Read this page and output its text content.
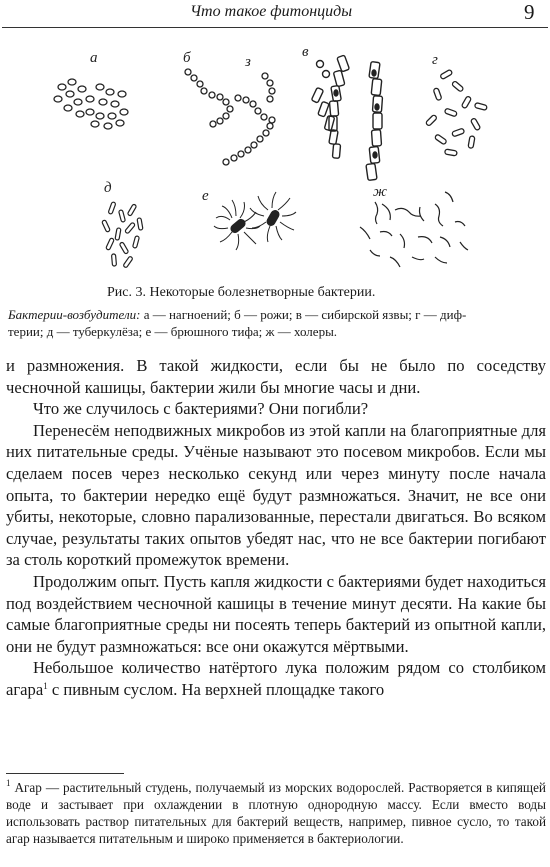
Что такое фитонциды	9
а	б	з
в	г
д	е	ж
Рис. 3. Некоторые болезнетворные бактерии.
Бактерии-возбудители: а — нагноений; б — рожи; в — сибирской язвы; г — диф-
терии; д — туберкулёза; е — брюшного тифа; ж — холеры.

и размножения. В такой жидкости, если бы не было по соседству чесночной кашицы, бактерии жили бы многие часы и дни.

Что же случилось с бактериями? Они погибли?

Перенесём неподвижных микробов из этой капли на благоприятные для них питательные среды. Учёные называют это посевом микробов. Если мы сделаем посев через несколько секунд или через минуту после начала опыта, то бактерии нередко ещё будут размножаться. Значит, не все они убиты, некоторые, словно парализованные, перестали двигаться. Во всяком случае, результаты таких опытов убедят нас, что не все бактерии погибают за столь короткий промежуток времени.

Продолжим опыт. Пусть капля жидкости с бактериями будет находиться под воздействием чесночной кашицы в течение минут десяти. На какие бы самые благоприятные среды ни посеять теперь бактерий из опытной капли, они не будут размножаться: все они окажутся мёртвыми.

Небольшое количество натёртого лука положим рядом со столбиком агара$^1$ с пивным суслом. На верхней площадке такого

$^1$ Агар — растительный студень, получаемый из морских водорослей. Растворяется в кипящей воде и застывает при охлаждении в плотную однородную массу. Если вместо воды использовать раствор питательных для бактерий веществ, например, пивное сусло, то такой агар называется питательным и широко применяется в бактериологии.
